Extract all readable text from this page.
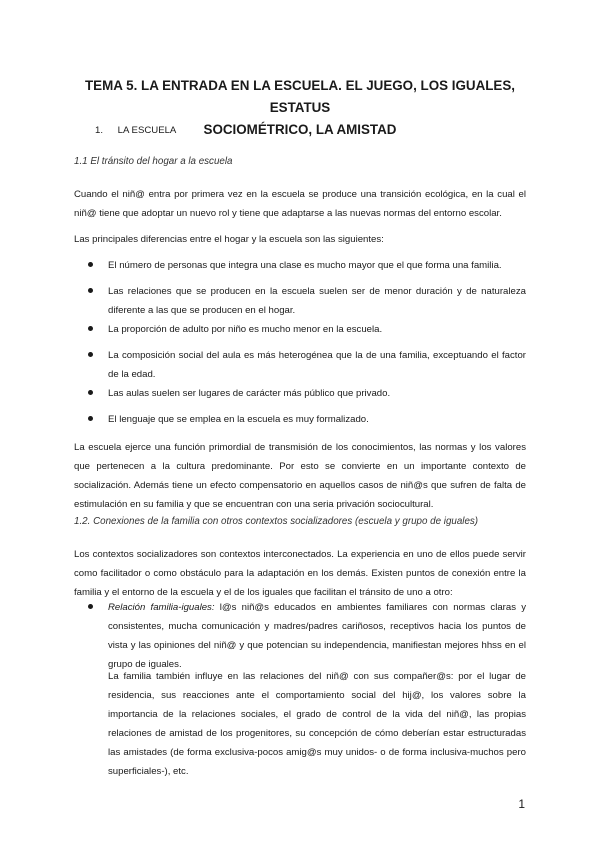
TEMA 5. LA ENTRADA EN LA ESCUELA. EL JUEGO, LOS IGUALES, ESTATUS
SOCIOMÉTRICO, LA AMISTAD
1. LA ESCUELA
1.1 El tránsito del hogar a la escuela
Cuando el niñ@ entra por primera vez en la escuela se produce una transición ecológica, en la cual el niñ@ tiene que adoptar un nuevo rol y tiene que adaptarse a las nuevas normas del entorno escolar.
Las principales diferencias entre el hogar y la escuela son las siguientes:
El número de personas que integra una clase es mucho mayor que el que forma una familia.
Las relaciones que se producen en la escuela suelen ser de menor duración y de naturaleza diferente a las que se producen en el hogar.
La proporción de adulto por niño es mucho menor en la escuela.
La composición social del aula es más heterogénea que la de una familia, exceptuando el factor de la edad.
Las aulas suelen ser lugares de carácter más público que privado.
El lenguaje que se emplea en la escuela es muy formalizado.
La escuela ejerce una función primordial de transmisión de los conocimientos, las normas y los valores que pertenecen a la cultura predominante. Por esto se convierte en un importante contexto de socialización. Además tiene un efecto compensatorio en aquellos casos de niñ@s que sufren de falta de estimulación en su familia y que se encuentran con una seria privación sociocultural.
1.2. Conexiones de la familia con otros contextos socializadores (escuela y grupo de iguales)
Los contextos socializadores son contextos interconectados. La experiencia en uno de ellos puede servir como facilitador o como obstáculo para la adaptación en los demás. Existen puntos de conexión entre la familia y el entorno de la escuela y el de los iguales que facilitan el tránsito de uno a otro:
Relación familia-iguales: l@s niñ@s educados en ambientes familiares con normas claras y consistentes, mucha comunicación y madres/padres cariñosos, receptivos hacia los puntos de vista y las opiniones del niñ@ y que potencian su independencia, manifiestan mejores hhss en el grupo de iguales.
La familia también influye en las relaciones del niñ@ con sus compañer@s: por el lugar de residencia, sus reacciones ante el comportamiento social del hij@, los valores sobre la importancia de la relaciones sociales, el grado de control de la vida del niñ@, las propias relaciones de amistad de los progenitores, su concepción de cómo deberían estar estructuradas las amistades (de forma exclusiva-pocos amig@s muy unidos- o de forma inclusiva-muchos pero superficiales-), etc.
1
